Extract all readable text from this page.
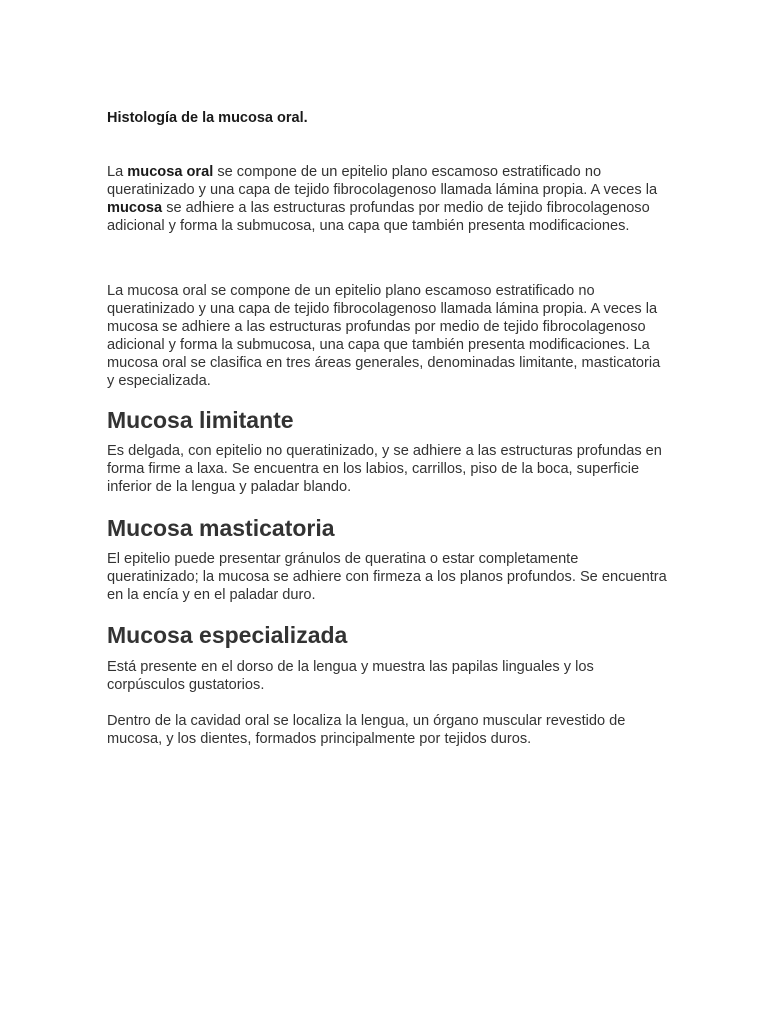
Histología de la mucosa oral.

La mucosa oral se compone de un epitelio plano escamoso estratificado no queratinizado y una capa de tejido fibrocolagenoso llamada lámina propia. A veces la mucosa se adhiere a las estructuras profundas por medio de tejido fibrocolagenoso adicional y forma la submucosa, una capa que también presenta modificaciones.

La mucosa oral se compone de un epitelio plano escamoso estratificado no queratinizado y una capa de tejido fibrocolagenoso llamada lámina propia. A veces la mucosa se adhiere a las estructuras profundas por medio de tejido fibrocolagenoso adicional y forma la submucosa, una capa que también presenta modificaciones. La mucosa oral se clasifica en tres áreas generales, denominadas limitante, masticatoria y especializada.

Mucosa limitante

Es delgada, con epitelio no queratinizado, y se adhiere a las estructuras profundas en forma firme a laxa. Se encuentra en los labios, carrillos, piso de la boca, superficie inferior de la lengua y paladar blando.

Mucosa masticatoria

El epitelio puede presentar gránulos de queratina o estar completamente queratinizado; la mucosa se adhiere con firmeza a los planos profundos. Se encuentra en la encía y en el paladar duro.

Mucosa especializada

Está presente en el dorso de la lengua y muestra las papilas linguales y los corpúsculos gustatorios.

Dentro de la cavidad oral se localiza la lengua, un órgano muscular revestido de mucosa, y los dientes, formados principalmente por tejidos duros.
